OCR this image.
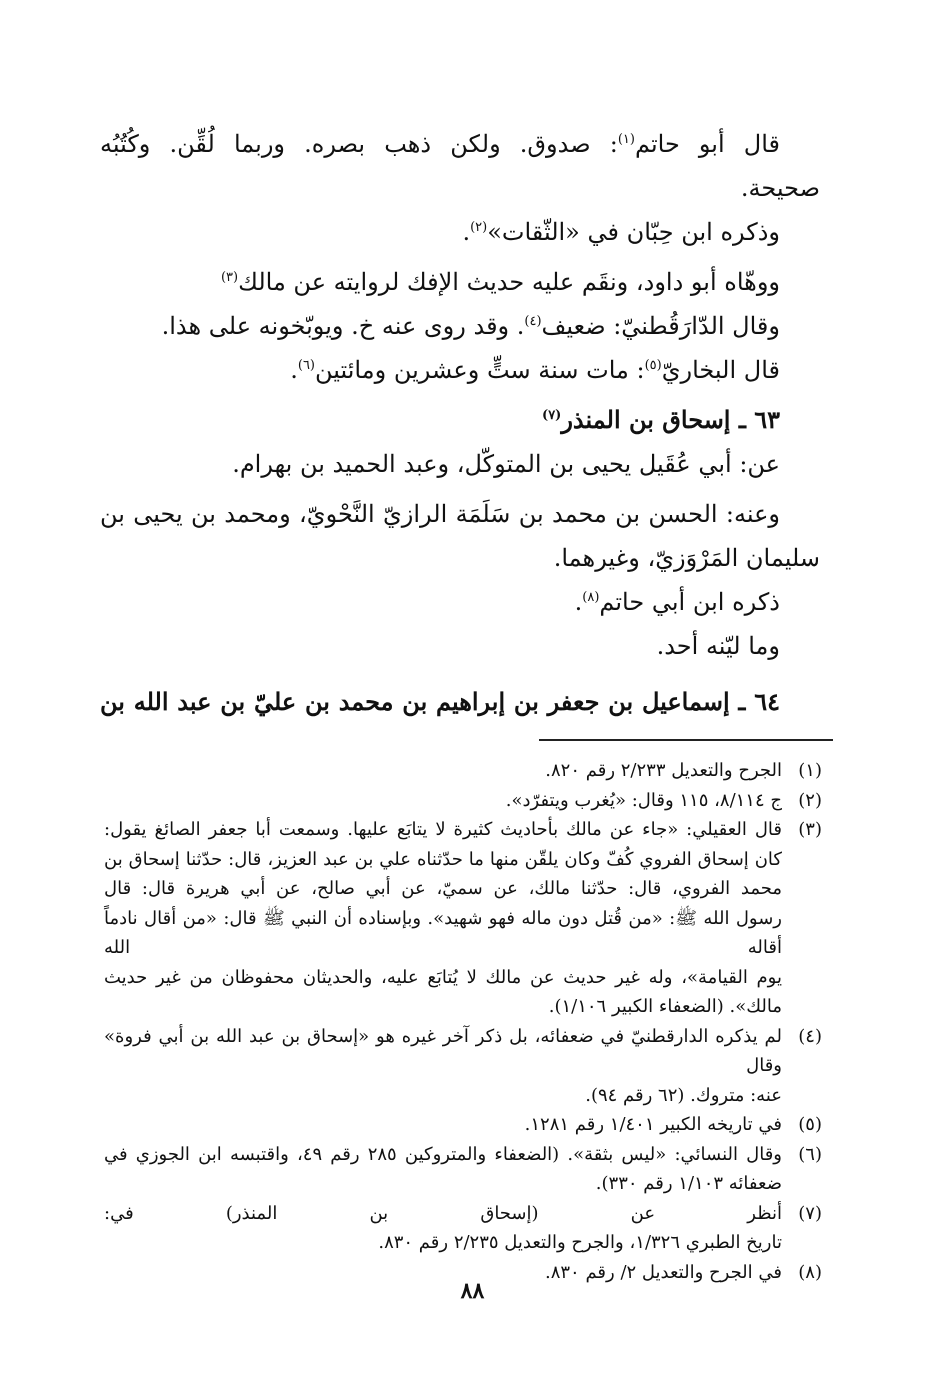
قال أبو حاتم$^{(١)}$: صدوق. ولكن ذهب بصره. وربما لُقِّن. وكُتُبُه

صحيحة.

وذكره ابن حِبّان في «الثّقات»$^{(٢)}$.

ووهّاه أبو داود، ونقَم عليه حديث الإفك لروايته عن مالك$^{(٣)}$

وقال الدّارَقُطنيّ: ضعيف$^{(٤)}$. وقد روى عنه خ. ويوبّخونه على هذا.

قال البخاريّ$^{(٥)}$: مات سنة ستٍّ وعشرين ومائتين$^{(٦)}$.

٦٣ ـ إسحاق بن المنذر$^{(٧)}$

عن: أبي عُقَيل يحيى بن المتوكّل، وعبد الحميد بن بهرام.

وعنه: الحسن بن محمد بن سَلَمَة الرازيّ النَّحْويّ، ومحمد بن يحيى بن

سليمان المَرْوَزيّ، وغيرهما.

ذكره ابن أبي حاتم$^{(٨)}$.

وما ليّنه أحد.

٦٤ ـ إسماعيل بن جعفر بن إبراهيم بن محمد بن عليّ بن عبد الله بن

(١)
الجرح والتعديل ٢/٢٣٣ رقم ٨٢٠.
(٢)
ج ٨/١١٤، ١١٥ وقال: «يُغرب ويتفرّد».
(٣)
قال العقيلي: «جاء عن مالك بأحاديث كثيرة لا يتابَع عليها. وسمعت أبا جعفر الصائغ يقول:
كان إسحاق الفروي كُفّ وكان يلقّن منها ما حدّثناه علي بن عبد العزيز، قال: حدّثنا إسحاق بن
محمد الفروي، قال: حدّثنا مالك، عن سميّ، عن أبي صالح، عن أبي هريرة قال: قال
رسول الله ﷺ: «من قُتل دون ماله فهو شهيد». وبإسناده أن النبي ﷺ قال: «من أقال نادماً أقاله الله
يوم القيامة»، وله غير حديث عن مالك لا يُتابَع عليه، والحديثان محفوظان من غير حديث
مالك». (الضعفاء الكبير ١/١٠٦).
(٤)
لم يذكره الدارقطنيّ في ضعفائه، بل ذكر آخر غيره هو «إسحاق بن عبد الله بن أبي فروة» وقال
عنه: متروك. (٦٢ رقم ٩٤).
(٥)
في تاريخه الكبير ١/٤٠١ رقم ١٢٨١.
(٦)
وقال النسائي: «ليس بثقة». (الضعفاء والمتروكين ٢٨٥ رقم ٤٩، واقتبسه ابن الجوزي في
ضعفائه ١/١٠٣ رقم ٣٣٠).
(٧)
أنظر عن (إسحاق بن المنذر) في:
تاريخ الطبري ١/٣٢٦، والجرح والتعديل ٢/٢٣٥ رقم ٨٣٠.
(٨)
في الجرح والتعديل ٢/ رقم ٨٣٠.
٨٨
